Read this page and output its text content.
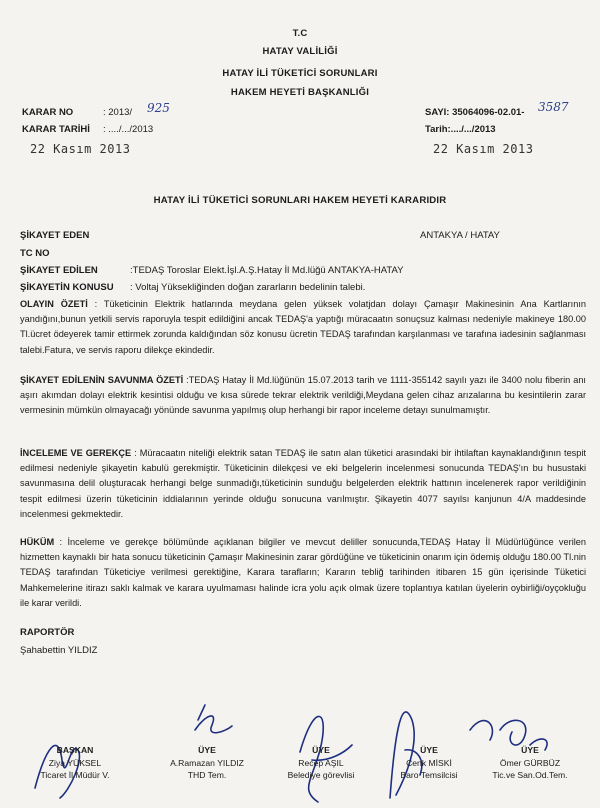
T.C
HATAY VALİLİĞİ
HATAY İLİ TÜKETİCİ SORUNLARI
HAKEM HEYETİ BAŞKANLIĞI
KARAR NO	: 2013/ 925
KARAR TARİHİ : ..../.../2013
22 Kasım 2013
SAYI: 35064096-02.01- 3587
Tarih:..../.../2013
22 Kasım 2013
HATAY İLİ TÜKETİCİ SORUNLARI HAKEM HEYETİ KARARIDIR
ŞİKAYET EDEN	ANTAKYA / HATAY
TC NO
ŞİKAYET EDİLEN	:TEDAŞ Toroslar Elekt.İşl.A.Ş.Hatay İl Md.lüğü ANTAKYA-HATAY
ŞİKAYETİN KONUSU : Voltaj Yüksekliğinden doğan zararların bedelinin talebi.
OLAYIN ÖZETİ : Tüketicinin Elektrik hatlarında meydana gelen yüksek volatjdan dolayı Çamaşır Makinesinin Ana Kartlarının yandığını,bunun yetkili servis raporuyla tespit edildiğini ancak TEDAŞ'a yaptığı müracaatın sonuçsuz kalması nedeniyle makineye 180.00 Tl.ücret ödeyerek tamir ettirmek zorunda kaldığından söz konusu ücretin TEDAŞ tarafından karşılanması ve tarafına iadesinin sağlanması talebi.Fatura, ve servis raporu dilekçe ekindedir.
ŞİKAYET EDİLENİN SAVUNMA ÖZETİ :TEDAŞ Hatay İl Md.lüğünün 15.07.2013 tarih ve 1111-355142 sayılı yazı ile 3400 nolu fiberin anı aşırı akımdan dolayı elektrik kesintisi olduğu ve kısa sürede tekrar elektrik verildiği,Meydana gelen cihaz arızalarına bu kesintilerin zarar vermesinin mümkün olmayacağı yönünde savunma yapılmış olup herhangi bir rapor inceleme detayı sunulmamıştır.
İNCELEME VE GEREKÇE : Müracaatın niteliği elektrik satan TEDAŞ ile satın alan tüketici arasındaki bir ihtilaftan kaynaklandığının tespit edilmesi nedeniyle şikayetin kabulü gerekmiştir. Tüketicinin dilekçesi ve eki belgelerin incelenmesi sonucunda TEDAŞ'ın bu husustaki savunmasına delil oluşturacak herhangi belge sunmadığı,tüketicinin sunduğu belgelerden elektrik hattının incelenerek rapor verildiğinin tespit edilmesi üzerin tüketicinin iddialarının yerinde olduğu sonucuna varılmıştır. Şikayetin 4077 sayılsı kanjunun 4/A maddesinde incelenmesi gekmektedir.
HÜKÜM : İnceleme ve gerekçe bölümünde açıklanan bilgiler ve mevcut deliller sonucunda,TEDAŞ Hatay İl Müdürlüğünce verilen hizmetten kaynaklı bir hata sonucu tüketicinin Çamaşır Makinesinin zarar gördüğüne ve tüketicinin onarım için ödemiş olduğu 180.00 Tl.nin TEDAŞ tarafından Tüketiciye verilmesi gerektiğine, Karara tarafların; Kararın tebliğ tarihinden itibaren 15 gün içerisinde Tüketici Mahkemelerine itirazı saklı kalmak ve karara uyulmaması halinde icra yolu açık olmak üzere toplantıya katılan üyelerin oybirliği/oyçokluğu ile karar verildi.
RAPORTÖR
Şahabettin YILDIZ
BAŞKAN
Ziya YÜKSEL
Ticaret İl Müdür V.
ÜYE
A.Ramazan YILDIZ
THD Tem.
ÜYE
Recep AŞIL
Belediye görevlisi
ÜYE
Cenk MİSKİ
Baro Temsilcisi
ÜYE
Ömer GÜRBÜZ
Tic.ve San.Od.Tem.
